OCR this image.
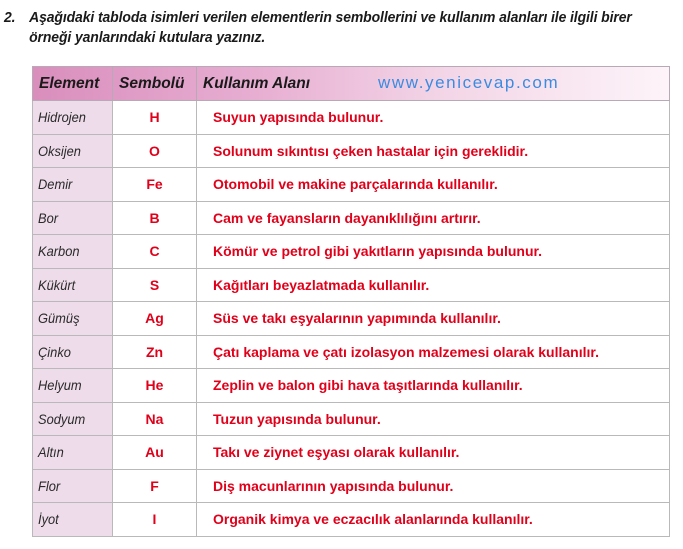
2. Aşağıdaki tabloda isimleri verilen elementlerin sembollerini ve kullanım alanları ile ilgili birer
örneği yanlarındaki kutulara yazınız.
Element	Sembolü	Kullanım Alanı
Hidrojen	H	Suyun yapısında bulunur.
Oksijen	O	Solunum sıkıntısı çeken hastalar için gereklidir.
Demir	Fe	Otomobil ve makine parçalarında kullanılır.
Bor	B	Cam ve fayansların dayanıklılığını artırır.
Karbon	C	Kömür ve petrol gibi yakıtların yapısında bulunur.
Kükürt	S	Kağıtları beyazlatmada kullanılır.
Gümüş	Ag	Süs ve takı eşyalarının yapımında kullanılır.
Çinko	Zn	Çatı kaplama ve çatı izolasyon malzemesi olarak kullanılır.
Helyum	He	Zeplin ve balon gibi hava taşıtlarında kullanılır.
Sodyum	Na	Tuzun yapısında bulunur.
Altın	Au	Takı ve ziynet eşyası olarak kullanılır.
Flor	F	Diş macunlarının yapısında bulunur.
İyot	I	Organik kimya ve eczacılık alanlarında kullanılır.
www.yenicevap.com
